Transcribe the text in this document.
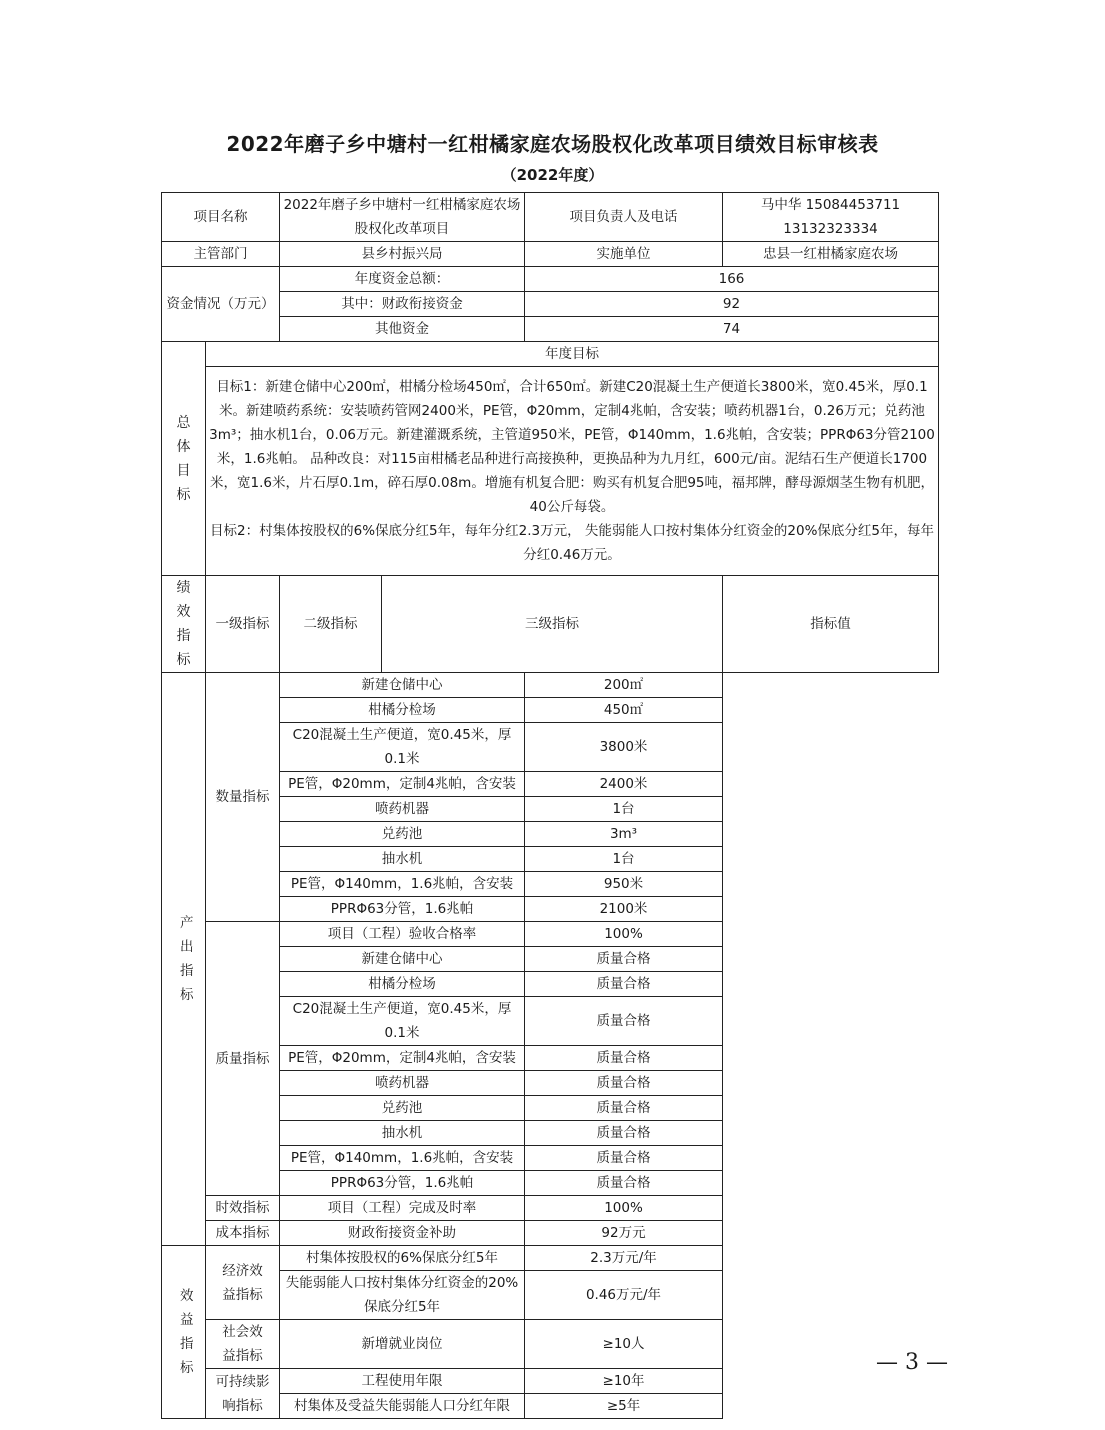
2022年磨子乡中塘村一红柑橘家庭农场股权化改革项目绩效目标审核表
（2022年度）
项目名称		2022年磨子乡中塘村一红柑橘家庭农场股权化改革项目		项目负责人及电话	马中华 15084453711　13132323334
主管部门		县乡村振兴局		实施单位	忠县一红柑橘家庭农场
资金情况（万元）		年度资金总额：		166	
		其中：财政衔接资金		92	
		其他资金		74	

总体目标	年度目标				

	目标1：新建仓储中心200㎡，柑橘分检场450㎡，合计650㎡。新建C20混凝土生产便道长3800米，宽0.45米，厚0.1米。新建喷药系统：安装喷药管网2400米，PE管，Φ20mm，定制4兆帕，含安装；喷药机器1台，0.26万元；兑药池3m³；抽水机1台，0.06万元。新建灌溉系统，主管道950米，PE管，Φ140mm，1.6兆帕，含安装；PPRΦ63分管2100米，1.6兆帕。 品种改良：对115亩柑橘老品种进行高接换种，更换品种为九月红，600元/亩。泥结石生产便道长1700米，宽1.6米，片石厚0.1m，碎石厚0.08m。增施有机复合肥：购买有机复合肥95吨，福邦牌，酵母源烟茎生物有机肥，40公斤每袋。
目标2：村集体按股权的6%保底分红5年，每年分红2.3万元， 失能弱能人口按村集体分红资金的20%保底分红5年，每年分红0.46万元。				

绩效指标	一级指标	二级指标	三级指标		指标值
产出指标	数量指标	新建仓储中心		200㎡	
		柑橘分检场		450㎡	
		C20混凝土生产便道，宽0.45米，厚0.1米		3800米	
		PE管，Φ20mm，定制4兆帕，含安装		2400米	
		喷药机器		1台	
		兑药池		3m³	
		抽水机		1台	
		PE管，Φ140mm，1.6兆帕，含安装		950米	
		PPRΦ63分管，1.6兆帕		2100米	
	质量指标	项目（工程）验收合格率		100%	
		新建仓储中心		质量合格	
		柑橘分检场		质量合格	
		C20混凝土生产便道，宽0.45米，厚0.1米		质量合格	
		PE管，Φ20mm，定制4兆帕，含安装		质量合格	
		喷药机器		质量合格	
		兑药池		质量合格	
		抽水机		质量合格	
		PE管，Φ140mm，1.6兆帕，含安装		质量合格	
		PPRΦ63分管，1.6兆帕		质量合格	
	时效指标	项目（工程）完成及时率		100%	
	成本指标	财政衔接资金补助		92万元	
效益指标	经济效益指标	村集体按股权的6%保底分红5年		2.3万元/年	
		失能弱能人口按村集体分红资金的20%保底分红5年		0.46万元/年	
	社会效益指标	新增就业岗位		≥10人	
	可持续影响指标	工程使用年限		≥10年	
		村集体及受益失能弱能人口分红年限		≥5年	
— 3 —
